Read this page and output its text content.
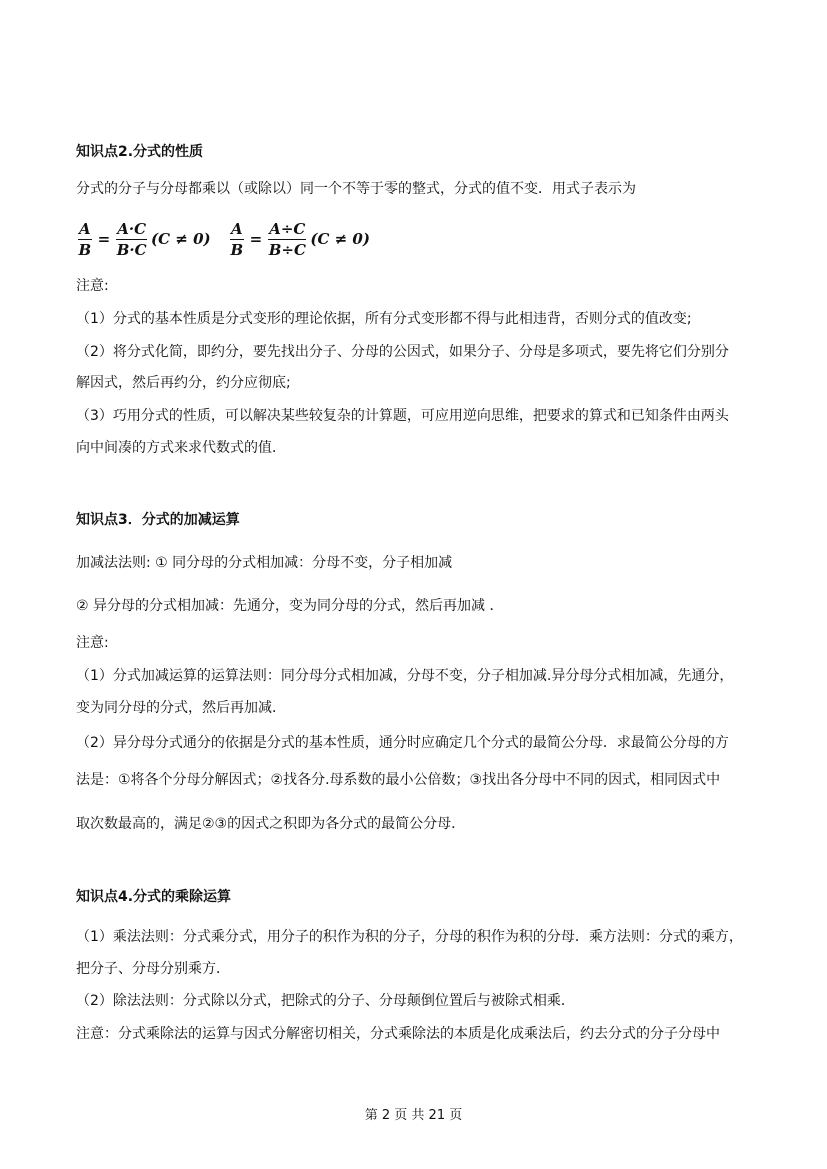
知识点2.分式的性质
分式的分子与分母都乘以（或除以）同一个不等于零的整式，分式的值不变．用式子表示为
$\frac{A}{B} = \frac{A\cdot C}{B\cdot C} (C \ne 0) \frac{A}{B} = \frac{A\div C}{B\div C} (C \ne 0)$
注意:
（1）分式的基本性质是分式变形的理论依据，所有分式变形都不得与此相违背，否则分式的值改变;
（2）将分式化简，即约分，要先找出分子、分母的公因式，如果分子、分母是多项式，要先将它们分别分
解因式，然后再约分，约分应彻底;
（3）巧用分式的性质，可以解决某些较复杂的计算题，可应用逆向思维，把要求的算式和已知条件由两头
向中间凑的方式来求代数式的值．
知识点3．分式的加减运算
加减法法则: ① 同分母的分式相加减：分母不变，分子相加减
② 异分母的分式相加减：先通分，变为同分母的分式，然后再加减 ．
注意:
（1）分式加减运算的运算法则：同分母分式相加减，分母不变，分子相加减.异分母分式相加减，先通分，
变为同分母的分式，然后再加减．
（2）异分母分式通分的依据是分式的基本性质，通分时应确定几个分式的最简公分母．求最简公分母的方
法是：①将各个分母分解因式；②找各分.母系数的最小公倍数；③找出各分母中不同的因式，相同因式中
取次数最高的，满足②③的因式之积即为各分式的最简公分母．
知识点4.分式的乘除运算
（1）乘法法则：分式乘分式，用分子的积作为积的分子，分母的积作为积的分母．乘方法则：分式的乘方，
把分子、分母分别乘方．
（2）除法法则：分式除以分式，把除式的分子、分母颠倒位置后与被除式相乘．
注意：分式乘除法的运算与因式分解密切相关，分式乘除法的本质是化成乘法后，约去分式的分子分母中
第 2 页 共 21 页
